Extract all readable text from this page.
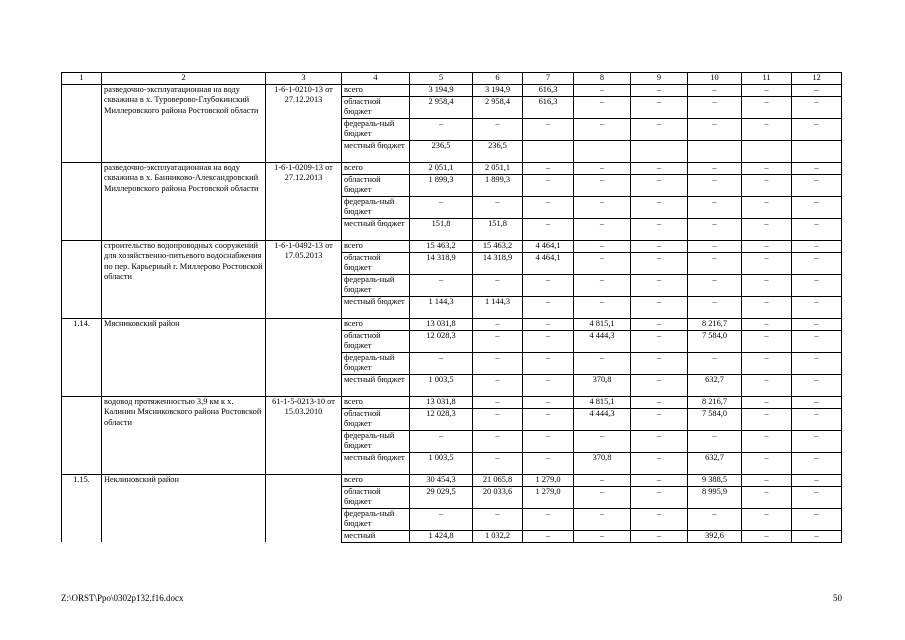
1	2	3	4	5	6	7	8	9	10	11	12
	разведочно-эксплуатационная на воду скважина в х. Туроверово-Глубокинский Миллеровского района Ростовской области	1-6-1-0210-13 от 27.12.2013	всего	3 194,9	3 194,9	616,3	–	–	–	–	–
			областной бюджет	2 958,4	2 958,4	616,3	–	–	–	–	–
			федераль-ный бюджет	–	–	–	–	–	–	–	–
			местный бюджет	236,5	236,5						
	разведочно-эксплуатационная на воду скважина в х. Банниково-Александровский Миллеровского района Ростовской области	1-6-1-0209-13 от 27.12.2013	всего	2 051,1	2 051,1	–	–	–	–	–	–
			областной бюджет	1 899,3	1 899,3	–	–	–	–	–	–
			федераль-ный бюджет	–	–	–	–	–	–	–	–
			местный бюджет	151,8	151,8	–	–	–	–	–	–
	строительство водопроводных сооружений для хозяйственно-питьевого водоснабжения по пер. Карьерный г. Миллерово Ростовской области	1-6-1-0492-13 от 17.05.2013	всего	15 463,2	15 463,2	4 464,1	–	–	–	–	–
			областной бюджет	14 318,9	14 318,9	4 464,1	–	–	–	–	–
			федераль-ный бюджет	–	–	–	–	–	–	–	–
			местный бюджет	1 144,3	1 144,3	–	–	–	–	–	–
1.14.	Мясниковский район		всего	13 031,8	–	–	4 815,1	–	8 216,7	–	–
			областной бюджет	12 028,3	–	–	4 444,3	–	7 584,0	–	–
			федераль-ный бюджет	–	–	–	–	–	–	–	–
			местный бюджет	1 003,5	–	–	370,8	–	632,7	–	–
	водовод протяженностью 3,9 км к х. Калинин Мясниковского района Ростовской области	61-1-5-0213-10 от 15.03.2010	всего	13 031,8	–	–	4 815,1	–	8 216,7	–	–
			областной бюджет	12 028,3	–	–	4 444,3	–	7 584,0	–	–
			федераль-ный бюджет	–	–	–	–	–	–	–	–
			местный бюджет	1 003,5	–	–	370,8	–	632,7	–	–
1.15.	Неклиновский район		всего	30 454,3	21 065,8	1 279,0	–	–	9 388,5	–	–
			областной бюджет	29 029,5	20 033,6	1 279,0	–	–	8 995,9	–	–
			федераль-ный бюджет	–	–	–	–	–	–	–	–
			местный	1 424,8	1 032,2	–	–	–	392,6	–	–
Z:\ORST\Ppo\0302p132.f16.docx	50
